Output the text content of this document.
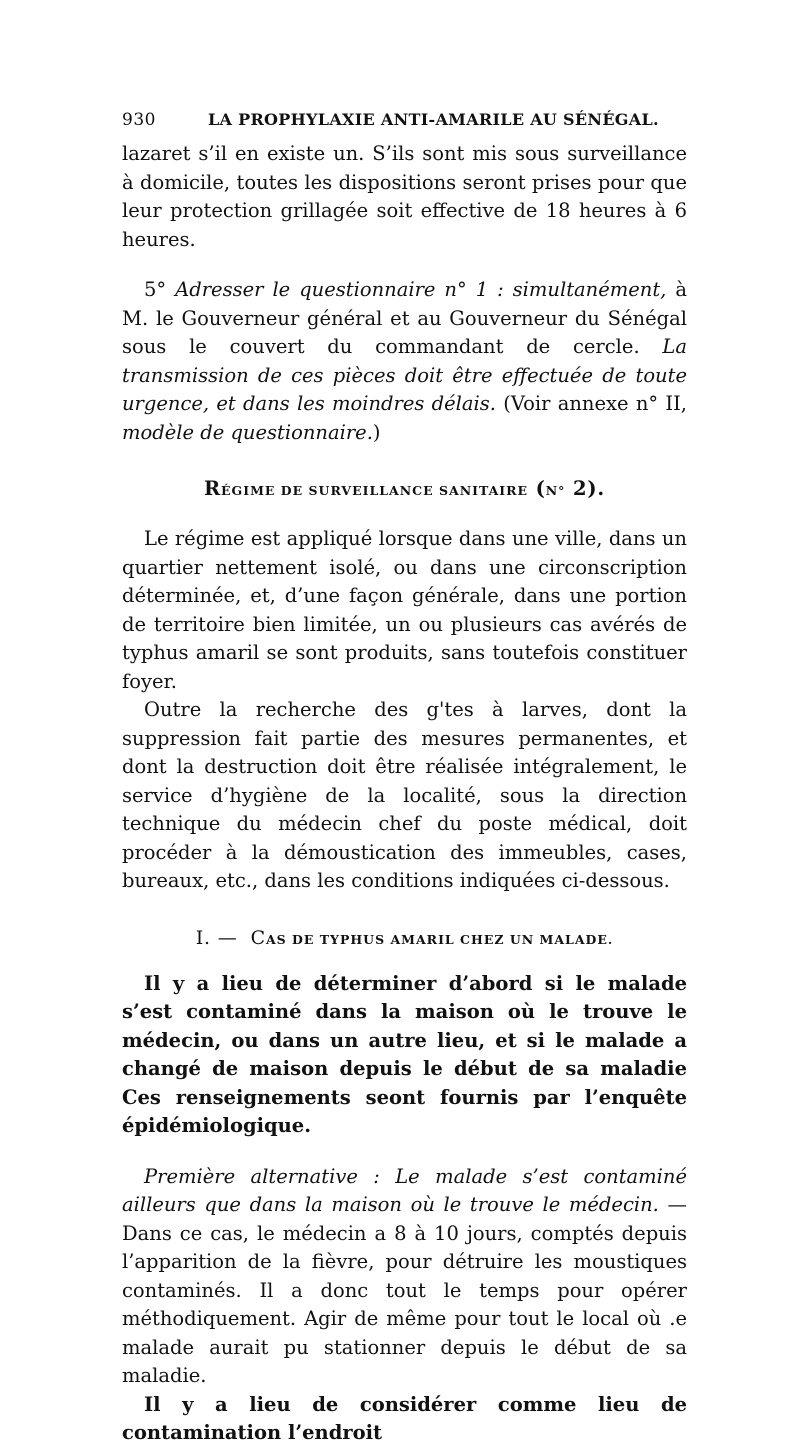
930	LA PROPHYLAXIE ANTI-AMARILE AU SÉNÉGAL.

lazaret s’il en existe un. S’ils sont mis sous surveillance à domicile, toutes les dispositions seront prises pour que leur protection grillagée soit effective de 18 heures à 6 heures.

5° Adresser le questionnaire n° 1 : simultanément, à M. le Gouverneur général et au Gouverneur du Sénégal sous le couvert du commandant de cercle. La transmission de ces pièces doit être effectuée de toute urgence, et dans les moindres délais. (Voir annexe n° II, modèle de questionnaire.)

RÉGIME DE SURVEILLANCE SANITAIRE (N° 2).

Le régime est appliqué lorsque dans une ville, dans un quartier nettement isolé, ou dans une circonscription déterminée, et, d’une façon générale, dans une portion de territoire bien limitée, un ou plusieurs cas avérés de typhus amaril se sont produits, sans toutefois constituer foyer.

Outre la recherche des g'tes à larves, dont la suppression fait partie des mesures permanentes, et dont la destruction doit être réalisée intégralement, le service d’hygiène de la localité, sous la direction technique du médecin chef du poste médical, doit procéder à la démoustication des immeubles, cases, bureaux, etc., dans les conditions indiquées ci-dessous.

I. — CAS DE TYPHUS AMARIL CHEZ UN MALADE.

Il y a lieu de déterminer d’abord si le malade s’est contaminé dans la maison où le trouve le médecin, ou dans un autre lieu, et si le malade a changé de maison depuis le début de sa maladie Ces renseignements seont fournis par l’enquête épidémiologique.

Première alternative : Le malade s’est contaminé ailleurs que dans la maison où le trouve le médecin. — Dans ce cas, le médecin a 8 à 10 jours, comptés depuis l’apparition de la fièvre, pour détruire les moustiques contaminés. Il a donc tout le temps pour opérer méthodiquement. Agir de même pour tout le local où .e malade aurait pu stationner depuis le début de sa maladie.

Il y a lieu de considérer comme lieu de contamination l’endroit
